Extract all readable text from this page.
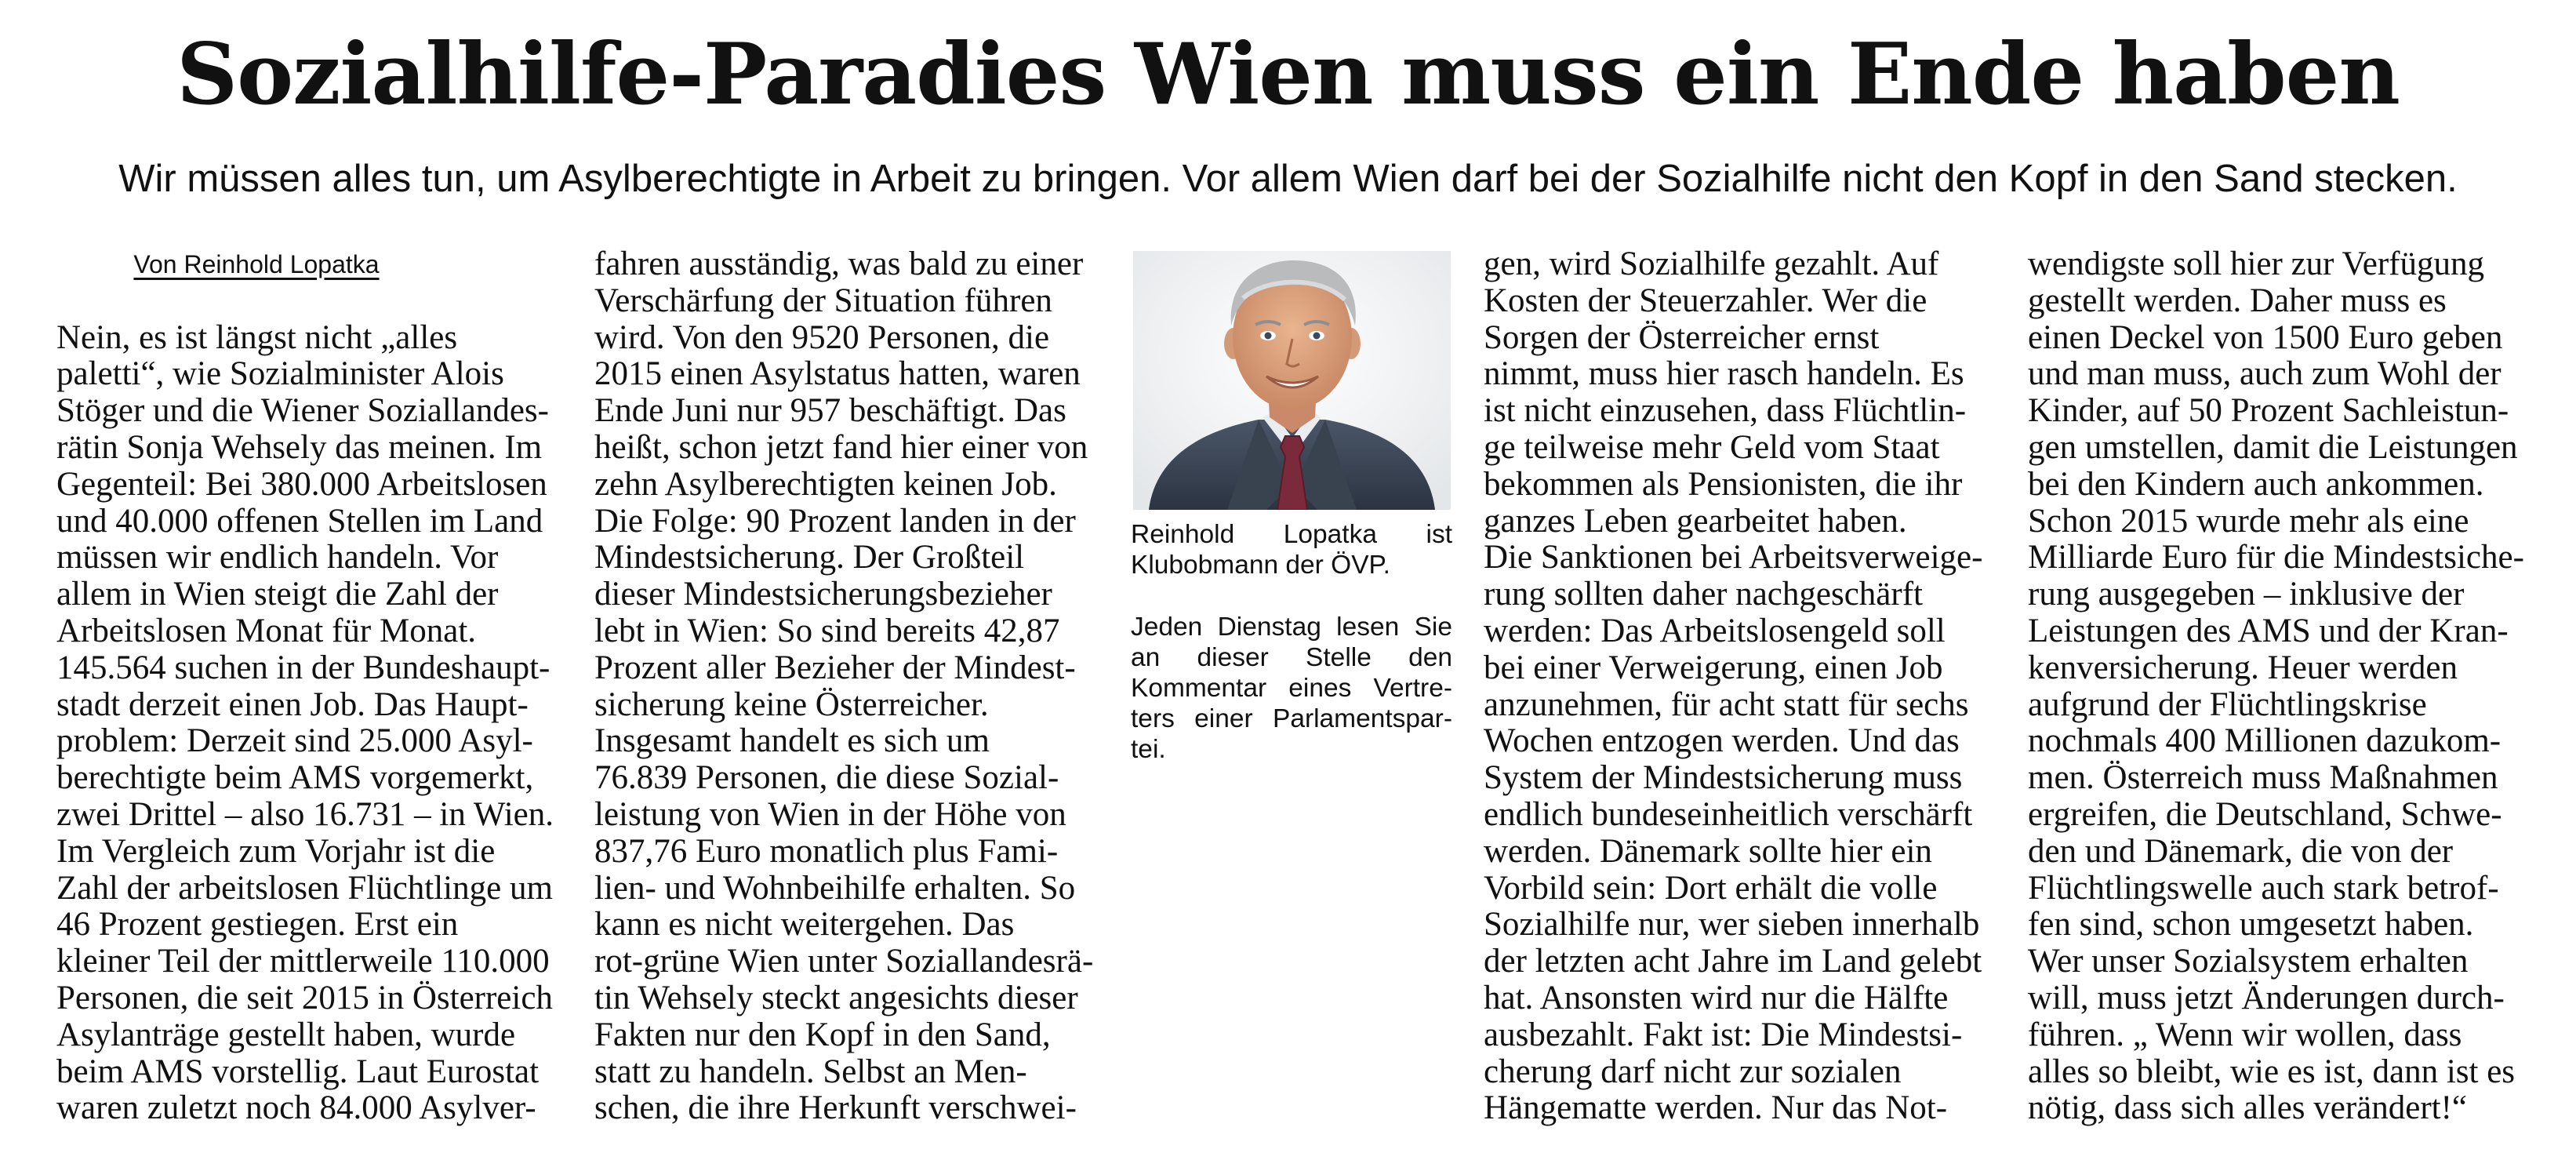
Sozialhilfe-Paradies Wien muss ein Ende haben
Wir müssen alles tun, um Asylberechtigte in Arbeit zu bringen. Vor allem Wien darf bei der Sozialhilfe nicht den Kopf in den Sand stecken.
Von Reinhold Lopatka

Nein, es ist längst nicht „alles
paletti“, wie Sozialminister Alois
Stöger und die Wiener Soziallandes-
rätin Sonja Wehsely das meinen. Im
Gegenteil: Bei 380.000 Arbeitslosen
und 40.000 offenen Stellen im Land
müssen wir endlich handeln. Vor
allem in Wien steigt die Zahl der
Arbeitslosen Monat für Monat.
145.564 suchen in der Bundeshaupt-
stadt derzeit einen Job. Das Haupt-
problem: Derzeit sind 25.000 Asyl-
berechtigte beim AMS vorgemerkt,
zwei Drittel – also 16.731 – in Wien.
Im Vergleich zum Vorjahr ist die
Zahl der arbeitslosen Flüchtlinge um
46 Prozent gestiegen. Erst ein
kleiner Teil der mittlerweile 110.000
Personen, die seit 2015 in Österreich
Asylanträge gestellt haben, wurde
beim AMS vorstellig. Laut Eurostat
waren zuletzt noch 84.000 Asylver-

fahren ausständig, was bald zu einer
Verschärfung der Situation führen
wird. Von den 9520 Personen, die
2015 einen Asylstatus hatten, waren
Ende Juni nur 957 beschäftigt. Das
heißt, schon jetzt fand hier einer von
zehn Asylberechtigten keinen Job.
Die Folge: 90 Prozent landen in der
Mindestsicherung. Der Großteil
dieser Mindestsicherungsbezieher
lebt in Wien: So sind bereits 42,87
Prozent aller Bezieher der Mindest-
sicherung keine Österreicher.
Insgesamt handelt es sich um
76.839 Personen, die diese Sozial-
leistung von Wien in der Höhe von
837,76 Euro monatlich plus Fami-
lien- und Wohnbeihilfe erhalten. So
kann es nicht weitergehen. Das
rot-grüne Wien unter Soziallandesrä-
tin Wehsely steckt angesichts dieser
Fakten nur den Kopf in den Sand,
statt zu handeln. Selbst an Men-
schen, die ihre Herkunft verschwei-

Reinhold Lopatka ist
Klubobmann der ÖVP.
Jeden Dienstag lesen Sie
an dieser Stelle den
Kommentar eines Vertre-
ters einer Parlamentspar-
tei.

gen, wird Sozialhilfe gezahlt. Auf
Kosten der Steuerzahler. Wer die
Sorgen der Österreicher ernst
nimmt, muss hier rasch handeln. Es
ist nicht einzusehen, dass Flüchtlin-
ge teilweise mehr Geld vom Staat
bekommen als Pensionisten, die ihr
ganzes Leben gearbeitet haben.
Die Sanktionen bei Arbeitsverweige-
rung sollten daher nachgeschärft
werden: Das Arbeitslosengeld soll
bei einer Verweigerung, einen Job
anzunehmen, für acht statt für sechs
Wochen entzogen werden. Und das
System der Mindestsicherung muss
endlich bundeseinheitlich verschärft
werden. Dänemark sollte hier ein
Vorbild sein: Dort erhält die volle
Sozialhilfe nur, wer sieben innerhalb
der letzten acht Jahre im Land gelebt
hat. Ansonsten wird nur die Hälfte
ausbezahlt. Fakt ist: Die Mindestsi-
cherung darf nicht zur sozialen
Hängematte werden. Nur das Not-

wendigste soll hier zur Verfügung
gestellt werden. Daher muss es
einen Deckel von 1500 Euro geben
und man muss, auch zum Wohl der
Kinder, auf 50 Prozent Sachleistun-
gen umstellen, damit die Leistungen
bei den Kindern auch ankommen.
Schon 2015 wurde mehr als eine
Milliarde Euro für die Mindestsiche-
rung ausgegeben – inklusive der
Leistungen des AMS und der Kran-
kenversicherung. Heuer werden
aufgrund der Flüchtlingskrise
nochmals 400 Millionen dazukom-
men. Österreich muss Maßnahmen
ergreifen, die Deutschland, Schwe-
den und Dänemark, die von der
Flüchtlingswelle auch stark betrof-
fen sind, schon umgesetzt haben.
Wer unser Sozialsystem erhalten
will, muss jetzt Änderungen durch-
führen. „ Wenn wir wollen, dass
alles so bleibt, wie es ist, dann ist es
nötig, dass sich alles verändert!“
